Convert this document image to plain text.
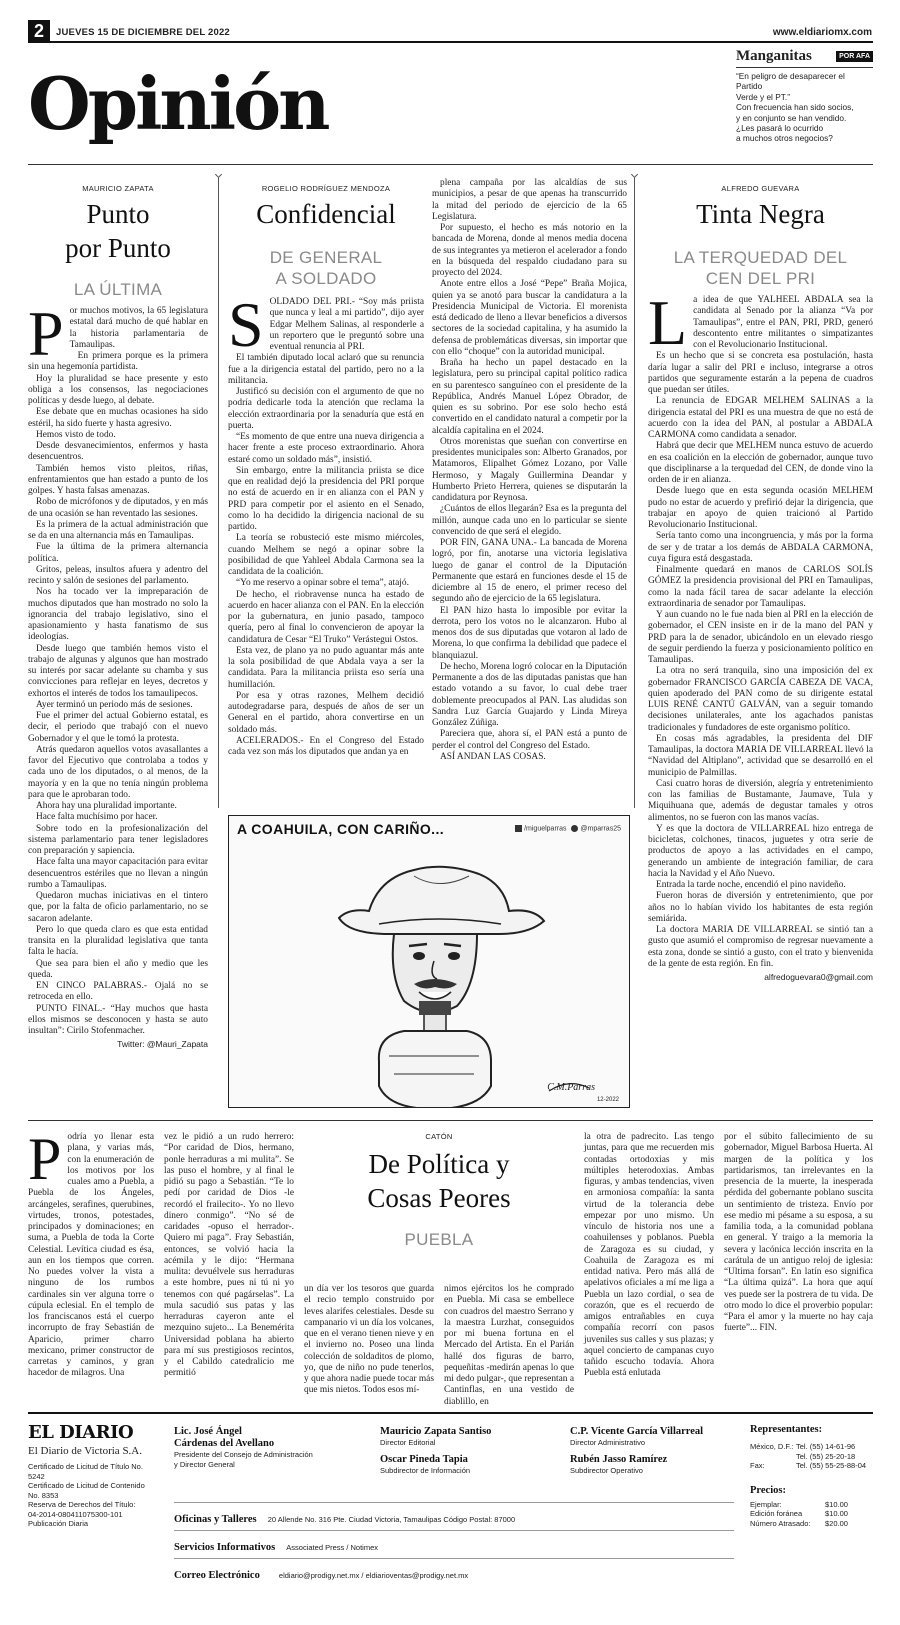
2	JUEVES 15 DE DICIEMBRE DEL 2022	www.eldiariomx.com
Opinión
Manganitas	POR AFA
“En peligro de desaparecer el Partido
Verde y el PT.”
Con frecuencia han sido socios,
y en conjunto se han vendido.
¿Les pasará lo ocurrido
a muchos otros negocios?
MAURICIO ZAPATA
Punto
por Punto
LA ÚLTIMA

Por muchos motivos, la 65 legislatura estatal dará mucho de qué hablar en la historia parlamentaria de Tamaulipas.

En primera porque es la primera sin una hegemonía partidista.

Hoy la pluralidad se hace presente y esto obliga a los consensos, las negociaciones políticas y desde luego, al debate.

Ese debate que en muchas ocasiones ha sido estéril, ha sido fuerte y hasta agresivo.

Hemos visto de todo.

Desde desvanecimientos, enfermos y hasta desencuentros.

También hemos visto pleitos, riñas, enfrentamientos que han estado a punto de los golpes. Y hasta falsas amenazas.

Robo de micrófonos y de diputados, y en más de una ocasión se han reventado las sesiones.

Es la primera de la actual administración que se da en una alternancia más en Tamaulipas.

Fue la última de la primera alternancia política.

Gritos, peleas, insultos afuera y adentro del recinto y salón de sesiones del parlamento.

Nos ha tocado ver la impreparación de muchos diputados que han mostrado no solo la ignorancia del trabajo legislativo, sino el apasionamiento y hasta fanatismo de sus ideologías.

Desde luego que también hemos visto el trabajo de algunas y algunos que han mostrado su interés por sacar adelante su chamba y sus convicciones para reflejar en leyes, decretos y exhortos el interés de todos los tamaulipecos.

Ayer terminó un periodo más de sesiones.

Fue el primer del actual Gobierno estatal, es decir, el periodo que trabajó con el nuevo Gobernador y el que le tomó la protesta.

Atrás quedaron aquellos votos avasallantes a favor del Ejecutivo que controlaba a todos y cada uno de los diputados, o al menos, de la mayoría y en la que no tenía ningún problema para que le aprobaran todo.

Ahora hay una pluralidad importante.

Hace falta muchísimo por hacer.

Sobre todo en la profesionalización del sistema parlamentario para tener legisladores con preparación y sapiencia.

Hace falta una mayor capacitación para evitar desencuentros estériles que no llevan a ningún rumbo a Tamaulipas.

Quedaron muchas iniciativas en el tintero que, por la falta de oficio parlamentario, no se sacaron adelante.

Pero lo que queda claro es que esta entidad transita en la pluralidad legislativa que tanta falta le hacía.

Que sea para bien el año y medio que les queda.

EN CINCO PALABRAS.- Ojalá no se retroceda en ello.

PUNTO FINAL.- “Hay muchos que hasta ellos mismos se desconocen y hasta se auto insultan”: Cirilo Stofenmacher.

Twitter: @Mauri_Zapata
ROGELIO RODRÍGUEZ MENDOZA
Confidencial
DE GENERAL
A SOLDADO

SOLDADO DEL PRI.- “Soy más priista que nunca y leal a mi partido”, dijo ayer Edgar Melhem Salinas, al responderle a un reportero que le preguntó sobre una eventual renuncia al PRI.

El también diputado local aclaró que su renuncia fue a la dirigencia estatal del partido, pero no a la militancia.

Justificó su decisión con el argumento de que no podría dedicarle toda la atención que reclama la elección extraordinaria por la senaduría que está en puerta.

“Es momento de que entre una nueva dirigencia a hacer frente a este proceso extraordinario. Ahora estaré como un soldado más”, insistió.

Sin embargo, entre la militancia priista se dice que en realidad dejó la presidencia del PRI porque no está de acuerdo en ir en alianza con el PAN y PRD para competir por el asiento en el Senado, como lo ha decidido la dirigencia nacional de su partido.

La teoría se robusteció este mismo miércoles, cuando Melhem se negó a opinar sobre la posibilidad de que Yahleel Abdala Carmona sea la candidata de la coalición.

“Yo me reservo a opinar sobre el tema”, atajó.

De hecho, el riobravense nunca ha estado de acuerdo en hacer alianza con el PAN. En la elección por la gubernatura, en junio pasado, tampoco quería, pero al final lo convencieron de apoyar la candidatura de Cesar “El Truko” Verástegui Ostos.

Esta vez, de plano ya no pudo aguantar más ante la sola posibilidad de que Abdala vaya a ser la candidata. Para la militancia priista eso sería una humillación.

Por esa y otras razones, Melhem decidió autodegradarse para, después de años de ser un General en el partido, ahora convertirse en un soldado más.

ACELERADOS.- En el Congreso del Estado cada vez son más los diputados que andan ya en

plena campaña por las alcaldías de sus municipios, a pesar de que apenas ha transcurrido la mitad del periodo de ejercicio de la 65 Legislatura.

Por supuesto, el hecho es más notorio en la bancada de Morena, donde al menos media docena de sus integrantes ya metieron el acelerador a fondo en la búsqueda del respaldo ciudadano para su proyecto del 2024.

Anote entre ellos a José “Pepe” Braña Mojica, quien ya se anotó para buscar la candidatura a la Presidencia Municipal de Victoria. El morenista está dedicado de lleno a llevar beneficios a diversos sectores de la sociedad capitalina, y ha asumido la defensa de problemáticas diversas, sin importar que con ello “choque” con la autoridad municipal.

Braña ha hecho un papel destacado en la legislatura, pero su principal capital político radica en su parentesco sanguíneo con el presidente de la República, Andrés Manuel López Obrador, de quien es su sobrino. Por ese solo hecho está convertido en el candidato natural a competir por la alcaldía capitalina en el 2024.

Otros morenistas que sueñan con convertirse en presidentes municipales son: Alberto Granados, por Matamoros, Elipalhet Gómez Lozano, por Valle Hermoso, y Magaly Guillermina Deandar y Humberto Prieto Herrera, quienes se disputarán la candidatura por Reynosa.

¿Cuántos de ellos llegarán? Esa es la pregunta del millón, aunque cada uno en lo particular se siente convencido de que será el elegido.

POR FIN, GANA UNA.- La bancada de Morena logró, por fin, anotarse una victoria legislativa luego de ganar el control de la Diputación Permanente que estará en funciones desde el 15 de diciembre al 15 de enero, el primer receso del segundo año de ejercicio de la 65 legislatura.

El PAN hizo hasta lo imposible por evitar la derrota, pero los votos no le alcanzaron. Hubo al menos dos de sus diputadas que votaron al lado de Morena, lo que confirma la debilidad que padece el blanquiazul.

De hecho, Morena logró colocar en la Diputación Permanente a dos de las diputadas panistas que han estado votando a su favor, lo cual debe traer doblemente preocupados al PAN. Las aludidas son Sandra Luz García Guajardo y Linda Mireya González Zúñiga.

Pareciera que, ahora sí, el PAN está a punto de perder el control del Congreso del Estado.

ASÍ ANDAN LAS COSAS.

A COAHUILA, CON CARIÑO...	/miguelparras @mparras25
C.M.Parras
12-2022
ALFREDO GUEVARA
Tinta Negra
LA TERQUEDAD DEL
CEN DEL PRI

La idea de que YALHEEL ABDALA sea la candidata al Senado por la alianza “Va por Tamaulipas”, entre el PAN, PRI, PRD, generó descontento entre militantes o simpatizantes con el Revolucionario Institucional.

Es un hecho que si se concreta esa postulación, hasta daría lugar a salir del PRI e incluso, integrarse a otros partidos que seguramente estarán a la pepena de cuadros que puedan ser útiles.

La renuncia de EDGAR MELHEM SALINAS a la dirigencia estatal del PRI es una muestra de que no está de acuerdo con la idea del PAN, al postular a ABDALA CARMONA como candidata a senador.

Habrá que decir que MELHEM nunca estuvo de acuerdo en esa coalición en la elección de gobernador, aunque tuvo que disciplinarse a la terquedad del CEN, de donde vino la orden de ir en alianza.

Desde luego que en esta segunda ocasión MELHEM pudo no estar de acuerdo y prefirió dejar la dirigencia, que trabajar en apoyo de quien traicionó al Partido Revolucionario Institucional.

Sería tanto como una incongruencia, y más por la forma de ser y de tratar a los demás de ABDALA CARMONA, cuya figura está desgastada.

Finalmente quedará en manos de CARLOS SOLÍS GÓMEZ la presidencia provisional del PRI en Tamaulipas, como la nada fácil tarea de sacar adelante la elección extraordinaria de senador por Tamaulipas.

Y aun cuando no le fue nada bien al PRI en la elección de gobernador, el CEN insiste en ir de la mano del PAN y PRD para la de senador, ubicándolo en un elevado riesgo de seguir perdiendo la fuerza y posicionamiento político en Tamaulipas.

La otra no será tranquila, sino una imposición del ex gobernador FRANCISCO GARCÍA CABEZA DE VACA, quien apoderado del PAN como de su dirigente estatal LUIS RENÉ CANTÚ GALVÁN, van a seguir tomando decisiones unilaterales, ante los agachados panistas tradicionales y fundadores de este organismo político.

En cosas más agradables, la presidenta del DIF Tamaulipas, la doctora MARIA DE VILLARREAL llevó la “Navidad del Altiplano”, actividad que se desarrolló en el municipio de Palmillas.

Casi cuatro horas de diversión, alegría y entretenimiento con las familias de Bustamante, Jaumave, Tula y Miquihuana que, además de degustar tamales y otros alimentos, no se fueron con las manos vacías.

Y es que la doctora de VILLARREAL hizo entrega de bicicletas, colchones, tinacos, juguetes y otra serie de productos de apoyo a las actividades en el campo, generando un ambiente de integración familiar, de cara hacia la Navidad y el Año Nuevo.

Entrada la tarde noche, encendió el pino navideño.

Fueron horas de diversión y entretenimiento, que por años no lo habían vivido los habitantes de esta región semiárida.

La doctora MARIA DE VILLARREAL se sintió tan a gusto que asumió el compromiso de regresar nuevamente a esta zona, donde se sintió a gusto, con el trato y bienvenida de la gente de esta región. En fin.

alfredoguevara0@gmail.com
P odría yo llenar esta plana, y varias más, con la enumeración de los motivos por los cuales amo a Puebla, a Puebla de los Ángeles, arcángeles, serafines, querubines, virtudes, tronos, potestades, principados y dominaciones; en suma, a Puebla de toda la Corte Celestial. Levítica ciudad es ésa, aun en los tiempos que corren. No puedes volver la vista a ninguno de los rumbos cardinales sin ver alguna torre o cúpula eclesial. En el templo de los franciscanos está el cuerpo incorrupto de fray Sebastián de Aparicio, primer charro mexicano, primer constructor de carretas y caminos, y gran hacedor de milagros. Una
vez le pidió a un rudo herrero: “Por caridad de Dios, hermano, ponle herraduras a mi mulita”. Se las puso el hombre, y al final le pidió su pago a Sebastián. “Te lo pedí por caridad de Dios -le recordó el frailecito-. Yo no llevo dinero conmigo”. “No sé de caridades -opuso el herrador-. Quiero mi paga”. Fray Sebastián, entonces, se volvió hacia la acémila y le dijo: “Hermana mulita: devuélvele sus herraduras a este hombre, pues ni tú ni yo tenemos con qué pagárselas”. La mula sacudió sus patas y las herraduras cayeron ante el mezquino sujeto... La Benemérita Universidad poblana ha abierto para mí sus prestigiosos recintos, y el Cabildo catedralicio me permitió
CATÓN
De Política y
Cosas Peores
PUEBLA
un día ver los tesoros que guarda el recio templo construido por leves alarifes celestiales. Desde su campanario vi un día los volcanes, que en el verano tienen nieve y en el invierno no. Poseo una linda colección de soldaditos de plomo, yo, que de niño no pude tenerlos, y que ahora nadie puede tocar más que mis nietos. Todos esos mí-
nimos ejércitos los he comprado en Puebla. Mi casa se embellece con cuadros del maestro Serrano y la maestra Lurzhat, conseguidos por mi buena fortuna en el Mercado del Artista. En el Parián hallé dos figuras de barro, pequeñitas -medirán apenas lo que mi dedo pulgar-, que representan a Cantinflas, en una vestido de diablillo, en
la otra de padrecito. Las tengo juntas, para que me recuerden mis contadas ortodoxias y mis múltiples heterodoxias. Ambas figuras, y ambas tendencias, viven en armoniosa compañía: la santa virtud de la tolerancia debe empezar por uno mismo. Un vínculo de historia nos une a coahuilenses y poblanos. Puebla de Zaragoza es su ciudad, y Coahuila de Zaragoza es mi entidad nativa. Pero más allá de apelativos oficiales a mí me liga a Puebla un lazo cordial, o sea de corazón, que es el recuerdo de amigos entrañables en cuya compañía recorrí con pasos juveniles sus calles y sus plazas; y aquel concierto de campanas cuyo tañido escucho todavía. Ahora Puebla está enlutada
por el súbito fallecimiento de su gobernador, Miguel Barbosa Huerta. Al margen de la política y los partidarismos, tan irrelevantes en la presencia de la muerte, la inesperada pérdida del gobernante poblano suscita un sentimiento de tristeza. Envío por ese medio mi pésame a su esposa, a su familia toda, a la comunidad poblana en general. Y traigo a la memoria la severa y lacónica lección inscrita en la carátula de un antiguo reloj de iglesia: “Ultima forsan”. En latín eso significa “La última quizá”. La hora que aquí ves puede ser la postrera de tu vida. De otro modo lo dice el proverbio popular: “Para el amor y la muerte no hay caja fuerte”... FIN.
EL DIARIO
El Diario de Victoria S.A.
Certificado de Licitud de Título No. 5242
Certificado de Licitud de Contenido No. 8353
Reserva de Derechos del Título:
04-2014-080411075300-101
Publicación Diaria
Lic. José Ángel
Cárdenas del Avellano
Presidente del Consejo de Administración
y Director General
Mauricio Zapata Santiso
Director Editorial
Oscar Pineda Tapia
Subdirector de Información
C.P. Vicente García Villarreal
Director Administrativo
Rubén Jasso Ramírez
Subdirector Operativo
Oficinas y Talleres 20 Allende No. 316 Pte. Ciudad Victoria, Tamaulipas Código Postal: 87000
Servicios Informativos Associated Press / Notimex
Correo Electrónico	eldiario@prodigy.net.mx / eldiarioventas@prodigy.net.mx
Representantes:
México, D.F.: Tel. (55) 14-61-96
Tel. (55) 25-20-18
Fax:	Tel. (55) 55-25-88-04
Precios:
Ejemplar:	$10.00
Edición foránea	$10.00
Número Atrasado:	$20.00
